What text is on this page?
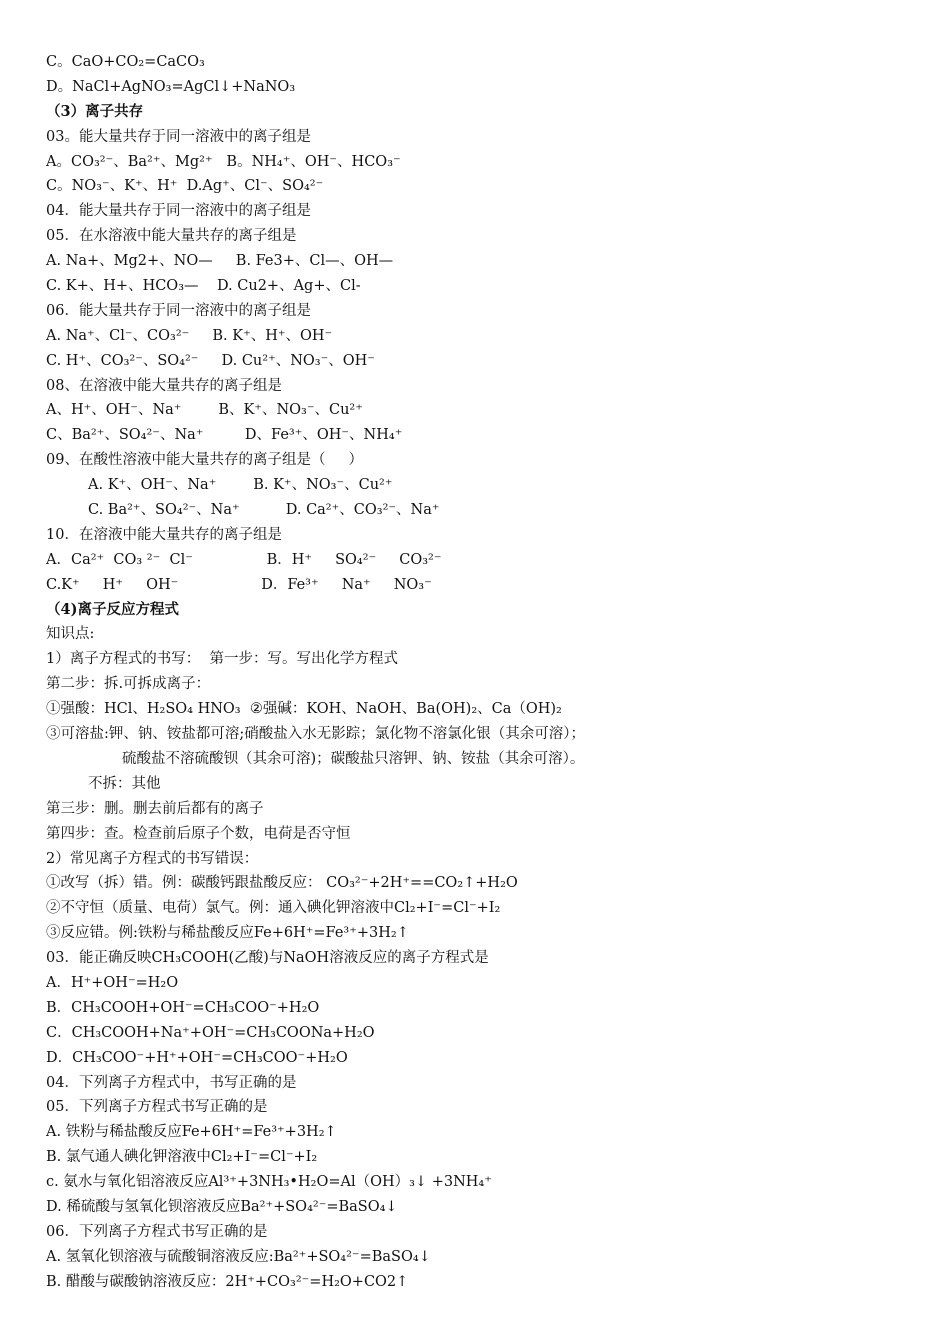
C。CaO+CO₂=CaCO₃
D。NaCl+AgNO₃=AgCl↓+NaNO₃
（3）离子共存
03。能大量共存于同一溶液中的离子组是
A。CO₃²⁻、Ba²⁺、Mg²⁺   B。NH₄⁺、OH⁻、HCO₃⁻
C。NO₃⁻、K⁺、H⁺  D.Ag⁺、Cl⁻、SO₄²⁻
04．能大量共存于同一溶液中的离子组是
05．在水溶液中能大量共存的离子组是
A. Na+、Mg2+、NO—     B. Fe3+、Cl—、OH—
C. K+、H+、HCO₃—    D. Cu2+、Ag+、Cl-
06．能大量共存于同一溶液中的离子组是
A. Na⁺、Cl⁻、CO₃²⁻     B. K⁺、H⁺、OH⁻
C. H⁺、CO₃²⁻、SO₄²⁻     D. Cu²⁺、NO₃⁻、OH⁻
08、在溶液中能大量共存的离子组是
A、H⁺、OH⁻、Na⁺        B、K⁺、NO₃⁻、Cu²⁺
C、Ba²⁺、SO₄²⁻、Na⁺         D、Fe³⁺、OH⁻、NH₄⁺
09、在酸性溶液中能大量共存的离子组是（     ）
A. K⁺、OH⁻、Na⁺        B. K⁺、NO₃⁻、Cu²⁺
C. Ba²⁺、SO₄²⁻、Na⁺          D. Ca²⁺、CO₃²⁻、Na⁺
10．在溶液中能大量共存的离子组是
A．Ca²⁺  CO₃ ²⁻  Cl⁻                B．H⁺     SO₄²⁻     CO₃²⁻
C.K⁺     H⁺     OH⁻                  D．Fe³⁺     Na⁺     NO₃⁻
（4)离子反应方程式
知识点:
1）离子方程式的书写：  第一步：写。写出化学方程式
第二步：拆.可拆成离子：
①强酸：HCl、H₂SO₄ HNO₃  ②强碱：KOH、NaOH、Ba(OH)₂、Ca（OH)₂
③可溶盐:钾、钠、铵盐都可溶;硝酸盐入水无影踪；氯化物不溶氯化银（其余可溶）；
硫酸盐不溶硫酸钡（其余可溶)；碳酸盐只溶钾、钠、铵盐（其余可溶）。
不拆：其他
第三步：删。删去前后都有的离子
第四步：查。检查前后原子个数，电荷是否守恒
2）常见离子方程式的书写错误：
①改写（拆）错。例：碳酸钙跟盐酸反应： CO₃²⁻+2H⁺==CO₂↑+H₂O
②不守恒（质量、电荷）氯气。例：通入碘化钾溶液中Cl₂+I⁻=Cl⁻+I₂
③反应错。例:铁粉与稀盐酸反应Fe+6H⁺=Fe³⁺+3H₂↑
03．能正确反映CH₃COOH(乙酸)与NaOH溶液反应的离子方程式是
A．H⁺+OH⁻=H₂O
B．CH₃COOH+OH⁻=CH₃COO⁻+H₂O
C．CH₃COOH+Na⁺+OH⁻=CH₃COONa+H₂O
D．CH₃COO⁻+H⁺+OH⁻=CH₃COO⁻+H₂O
04．下列离子方程式中，书写正确的是
05．下列离子方程式书写正确的是
A. 铁粉与稀盐酸反应Fe+6H⁺=Fe³⁺+3H₂↑
B. 氯气通人碘化钾溶液中Cl₂+I⁻=Cl⁻+I₂
c. 氨水与氧化铝溶液反应Al³⁺+3NH₃•H₂O=Al（OH）₃↓ +3NH₄⁺
D. 稀硫酸与氢氧化钡溶液反应Ba²⁺+SO₄²⁻=BaSO₄↓
06．下列离子方程式书写正确的是
A. 氢氧化钡溶液与硫酸铜溶液反应:Ba²⁺+SO₄²⁻=BaSO₄↓
B. 醋酸与碳酸钠溶液反应：2H⁺+CO₃²⁻=H₂O+CO2↑
